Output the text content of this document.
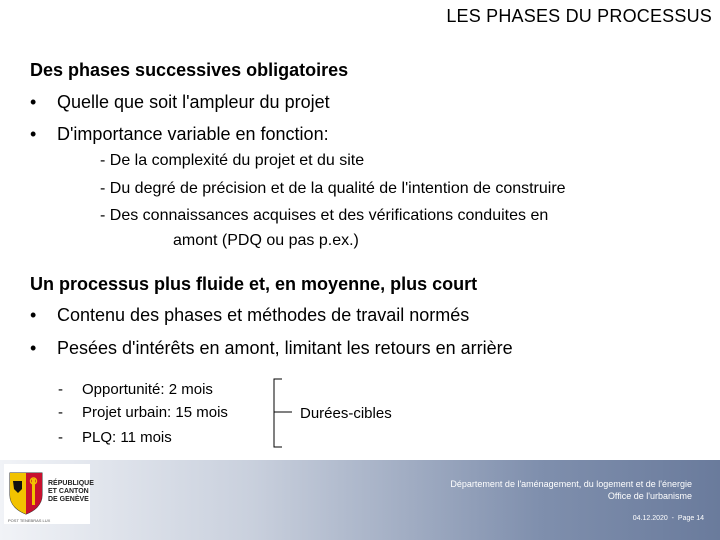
LES PHASES DU PROCESSUS
Des phases successives obligatoires
• Quelle que soit l'ampleur du projet
• D'importance variable en fonction:
- De la complexité du projet et du site
- Du degré de précision et de la qualité de l'intention de construire
- Des connaissances acquises et des vérifications conduites en
amont (PDQ ou pas p.ex.)
Un processus plus fluide et, en moyenne, plus court
• Contenu des phases et méthodes de travail normés
• Pesées d'intérêts en amont, limitant les retours en arrière
- Opportunité: 2 mois
- Projet urbain: 15 mois
- PLQ: 11 mois
Durées-cibles
RÉPUBLIQUE
ET CANTON
DE GENÈVE
POST TENEBRAS LUX
Département de l'aménagement, du logement et de l'énergie
Office de l'urbanisme
04.12.2020  -  Page 14
